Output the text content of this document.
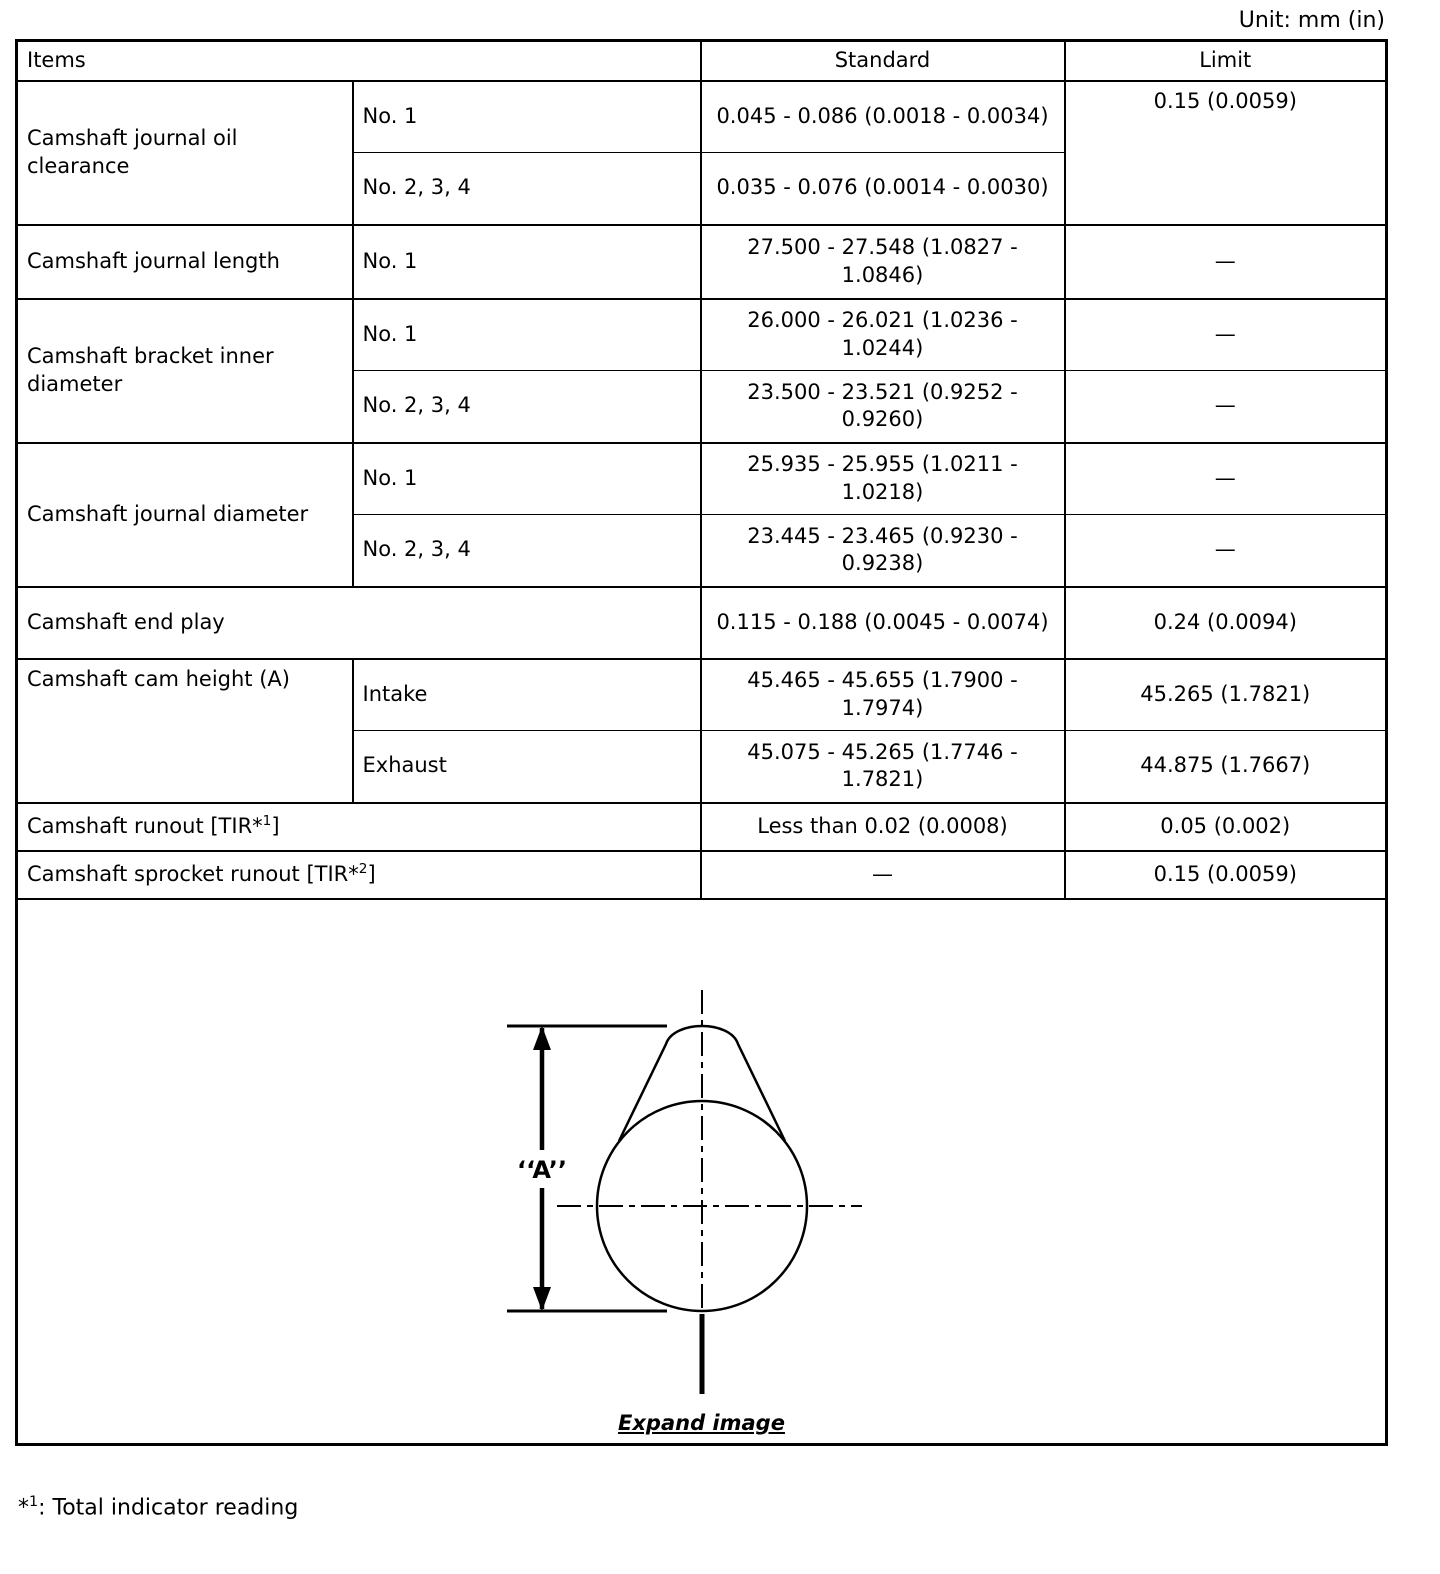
Unit: mm (in)
Items		Standard	Limit
Camshaft journal oil clearance	No. 1	0.045 - 0.086 (0.0018 - 0.0034)	0.15 (0.0059)
	No. 2, 3, 4	0.035 - 0.076 (0.0014 - 0.0030)	
Camshaft journal length	No. 1	27.500 - 27.548 (1.0827 - 1.0846)	—
Camshaft bracket inner diameter	No. 1	26.000 - 26.021 (1.0236 - 1.0244)	—
	No. 2, 3, 4	23.500 - 23.521 (0.9252 - 0.9260)	—
Camshaft journal diameter	No. 1	25.935 - 25.955 (1.0211 - 1.0218)	—
	No. 2, 3, 4	23.445 - 23.465 (0.9230 - 0.9238)	—
Camshaft end play		0.115 - 0.188 (0.0045 - 0.0074)	0.24 (0.0094)
Camshaft cam height (A)	Intake	45.465 - 45.655 (1.7900 - 1.7974)	45.265 (1.7821)
	Exhaust	45.075 - 45.265 (1.7746 - 1.7821)	44.875 (1.7667)
Camshaft runout [TIR*$^1$]		Less than 0.02 (0.0008)	0.05 (0.002)
Camshaft sprocket runout [TIR*$^2$]		—	0.15 (0.0059)

‘‘A’’
Expand image			
*$^1$: Total indicator reading
